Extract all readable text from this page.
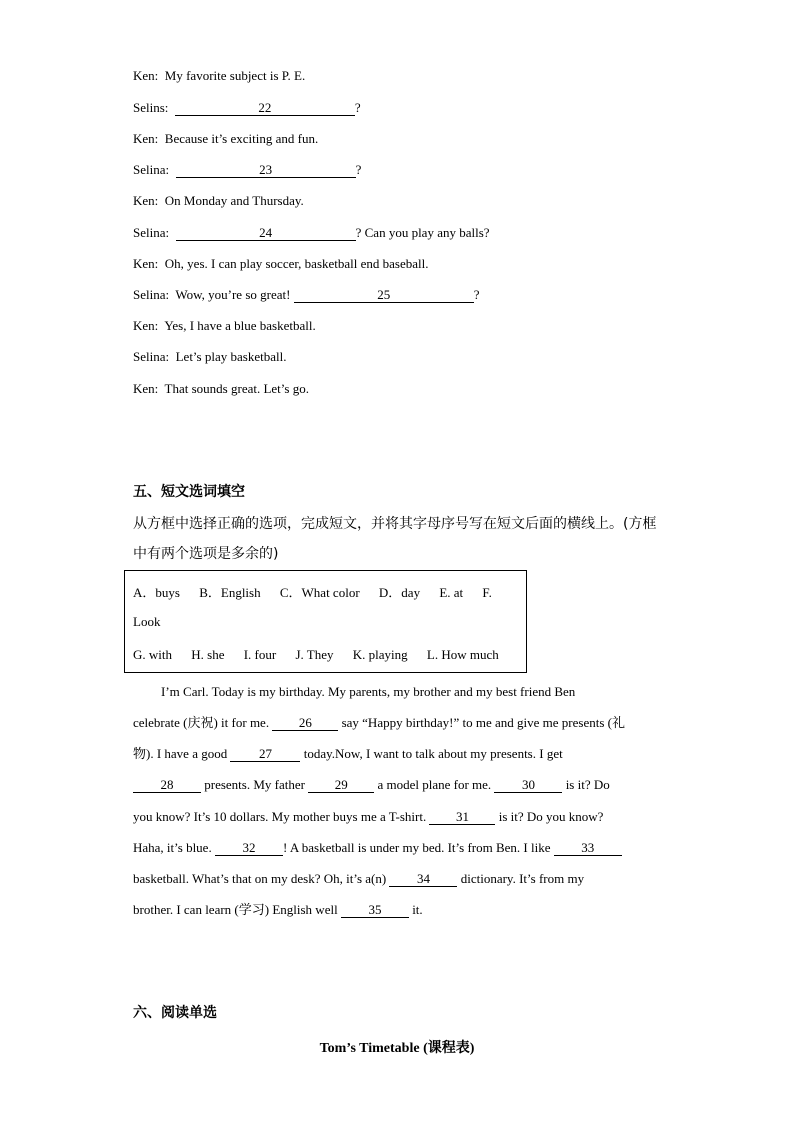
Ken: My favorite subject is P. E.
Selins:	22	?
Ken: Because it’s exciting and fun.
Selina:	23	?
Ken: On Monday and Thursday.
Selina:	24	? Can you play any balls?
Ken: Oh, yes. I can play soccer, basketball end baseball.
Selina: Wow, you’re so great!	25	?
Ken: Yes, I have a blue basketball.
Selina: Let’s play basketball.
Ken: That sounds great. Let’s go.
五、短文选词填空
从方框中选择正确的选项，完成短文，并将其字母序号写在短文后面的横线上。(方框
中有两个选项是多余的)
A．buys B．English C．What color D．day E. at F.
Look
G. with H. she I. four J. They K. playing L. How much
I’m Carl. Today is my birthday. My parents, my brother and my best friend Ben
celebrate (庆祝) it for me. 26 say “Happy birthday!” to me and give me presents (礼
物). I have a good 27 today.Now, I want to talk about my presents. I get
28 presents. My father 29 a model plane for me. 30 is it? Do
you know? It’s 10 dollars. My mother buys me a T-shirt. 31 is it? Do you know?
Haha, it’s blue. 32 ! A basketball is under my bed. It’s from Ben. I like 33
basketball. What’s that on my desk? Oh, it’s a(n) 34 dictionary. It’s from my
brother. I can learn (学习) English well 35 it.
六、阅读单选
Tom’s Timetable (课程表)
